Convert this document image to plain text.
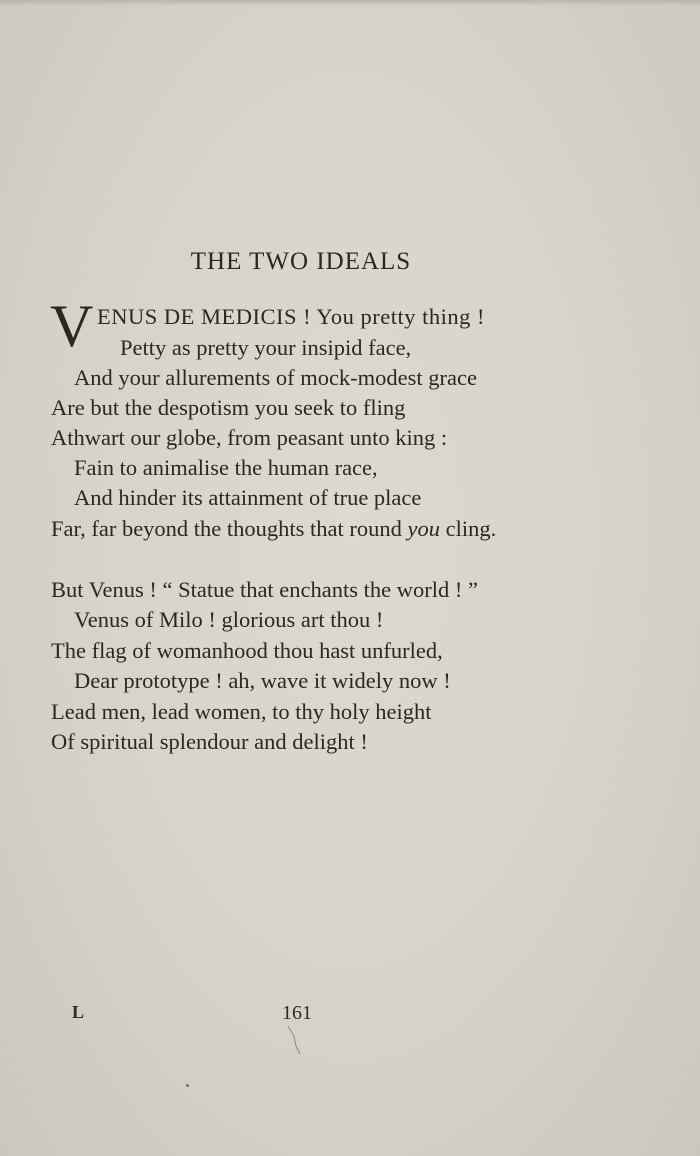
THE TWO IDEALS
V ENUS DE MEDICIS ! You pretty thing !
Petty as pretty your insipid face,
And your allurements of mock-modest grace
Are but the despotism you seek to fling
Athwart our globe, from peasant unto king :
Fain to animalise the human race,
And hinder its attainment of true place
Far, far beyond the thoughts that round you cling.
But Venus ! “ Statue that enchants the world ! ”
Venus of Milo ! glorious art thou !
The flag of womanhood thou hast unfurled,
Dear prototype ! ah, wave it widely now !
Lead men, lead women, to thy holy height
Of spiritual splendour and delight !
L	161
